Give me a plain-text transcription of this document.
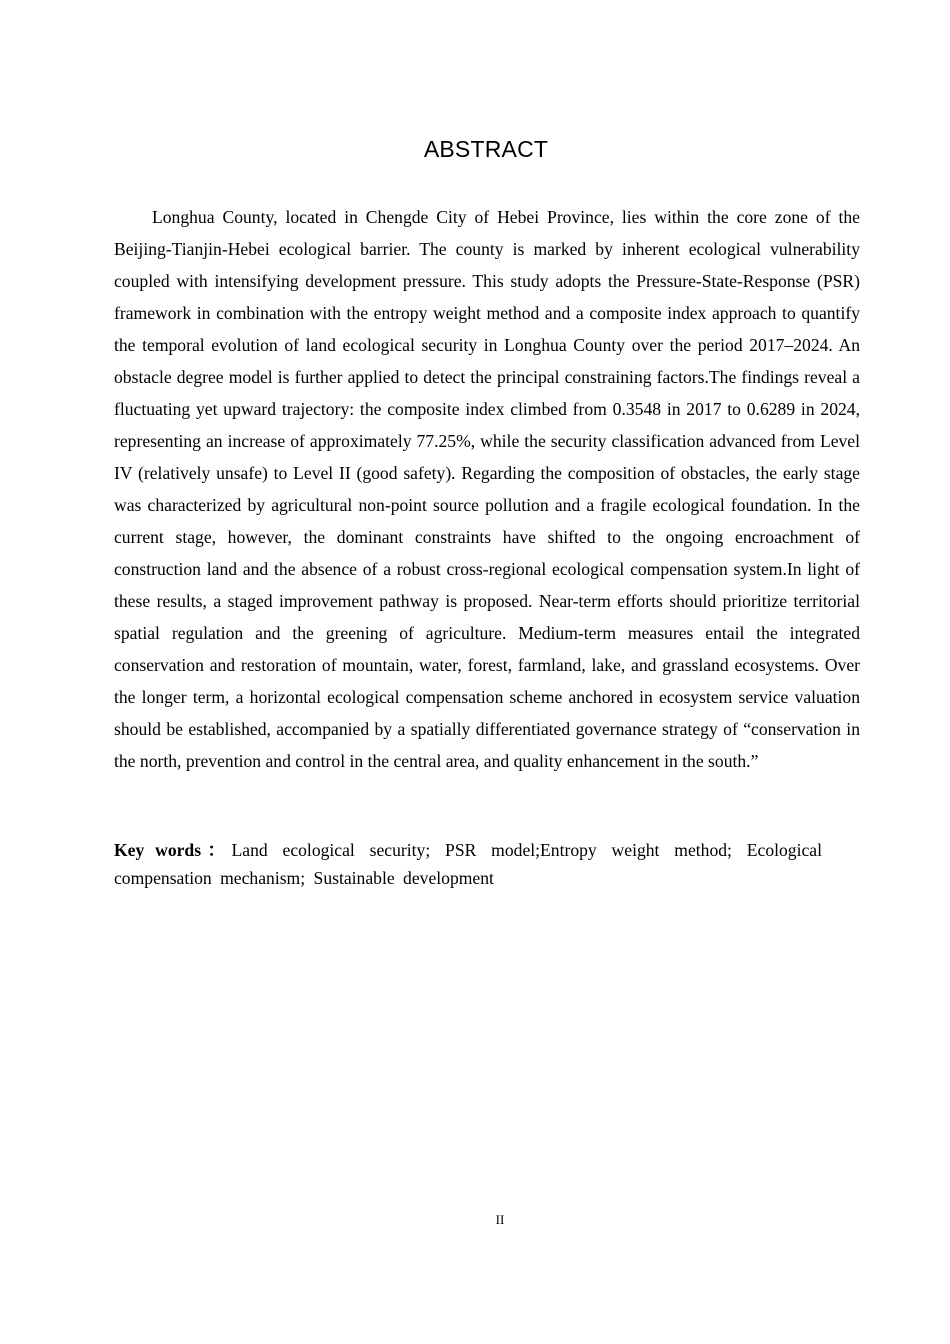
ABSTRACT

Longhua County, located in Chengde City of Hebei Province, lies within the core zone of the Beijing-Tianjin-Hebei ecological barrier. The county is marked by inherent ecological vulnerability coupled with intensifying development pressure. This study adopts the Pressure-State-Response (PSR) framework in combination with the entropy weight method and a composite index approach to quantify the temporal evolution of land ecological security in Longhua County over the period 2017–2024. An obstacle degree model is further applied to detect the principal constraining factors.The findings reveal a fluctuating yet upward trajectory: the composite index climbed from 0.3548 in 2017 to 0.6289 in 2024, representing an increase of approximately 77.25%, while the security classification advanced from Level IV (relatively unsafe) to Level II (good safety). Regarding the composition of obstacles, the early stage was characterized by agricultural non-point source pollution and a fragile ecological foundation. In the current stage, however, the dominant constraints have shifted to the ongoing encroachment of construction land and the absence of a robust cross-regional ecological compensation system.In light of these results, a staged improvement pathway is proposed. Near-term efforts should prioritize territorial spatial regulation and the greening of agriculture. Medium-term measures entail the integrated conservation and restoration of mountain, water, forest, farmland, lake, and grassland ecosystems. Over the longer term, a horizontal ecological compensation scheme anchored in ecosystem service valuation should be established, accompanied by a spatially differentiated governance strategy of “conservation in the north, prevention and control in the central area, and quality enhancement in the south.”

Key words：Land ecological security; PSR model;Entropy weight method; Ecological compensation mechanism; Sustainable development

II
